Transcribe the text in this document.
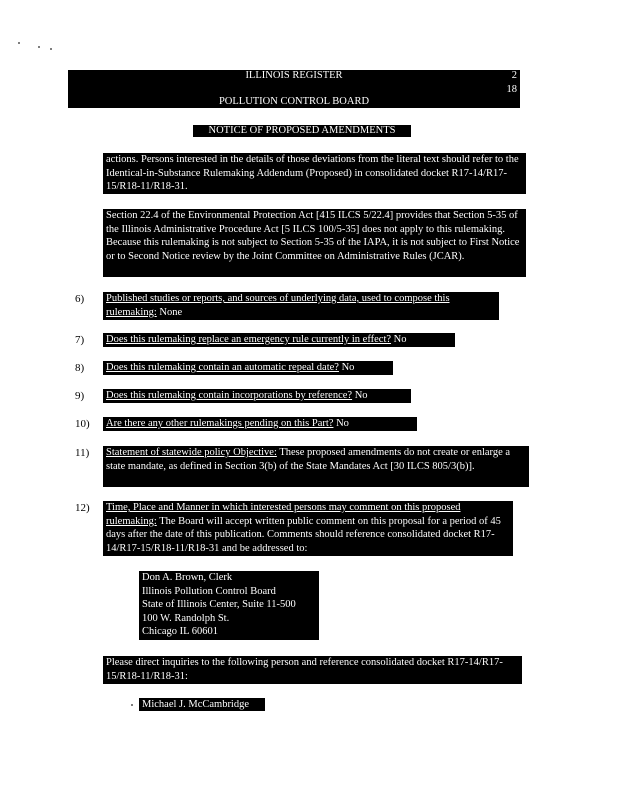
ILLINOIS REGISTER	2
18
POLLUTION CONTROL BOARD
NOTICE OF PROPOSED AMENDMENTS
actions. Persons interested in the details of those deviations from the literal text should refer to the Identical-in-Substance Rulemaking Addendum (Proposed) in consolidated docket R17-14/R17-15/R18-11/R18-31.
Section 22.4 of the Environmental Protection Act [415 ILCS 5/22.4] provides that Section 5-35 of the Illinois Administrative Procedure Act [5 ILCS 100/5-35] does not apply to this rulemaking. Because this rulemaking is not subject to Section 5-35 of the IAPA, it is not subject to First Notice or to Second Notice review by the Joint Committee on Administrative Rules (JCAR).
6) Published studies or reports, and sources of underlying data, used to compose this rulemaking: None
7) Does this rulemaking replace an emergency rule currently in effect? No
8) Does this rulemaking contain an automatic repeal date? No
9) Does this rulemaking contain incorporations by reference? No
10) Are there any other rulemakings pending on this Part? No
11) Statement of statewide policy Objective: These proposed amendments do not create or enlarge a state mandate, as defined in Section 3(b) of the State Mandates Act [30 ILCS 805/3(b)].
12) Time, Place and Manner in which interested persons may comment on this proposed rulemaking: The Board will accept written public comment on this proposal for a period of 45 days after the date of this publication. Comments should reference consolidated docket R17-14/R17-15/R18-11/R18-31 and be addressed to:
Don A. Brown, Clerk
Illinois Pollution Control Board
State of Illinois Center, Suite 11-500
100 W. Randolph St.
Chicago IL 60601
Please direct inquiries to the following person and reference consolidated docket R17-14/R17-15/R18-11/R18-31:
Michael J. McCambridge
